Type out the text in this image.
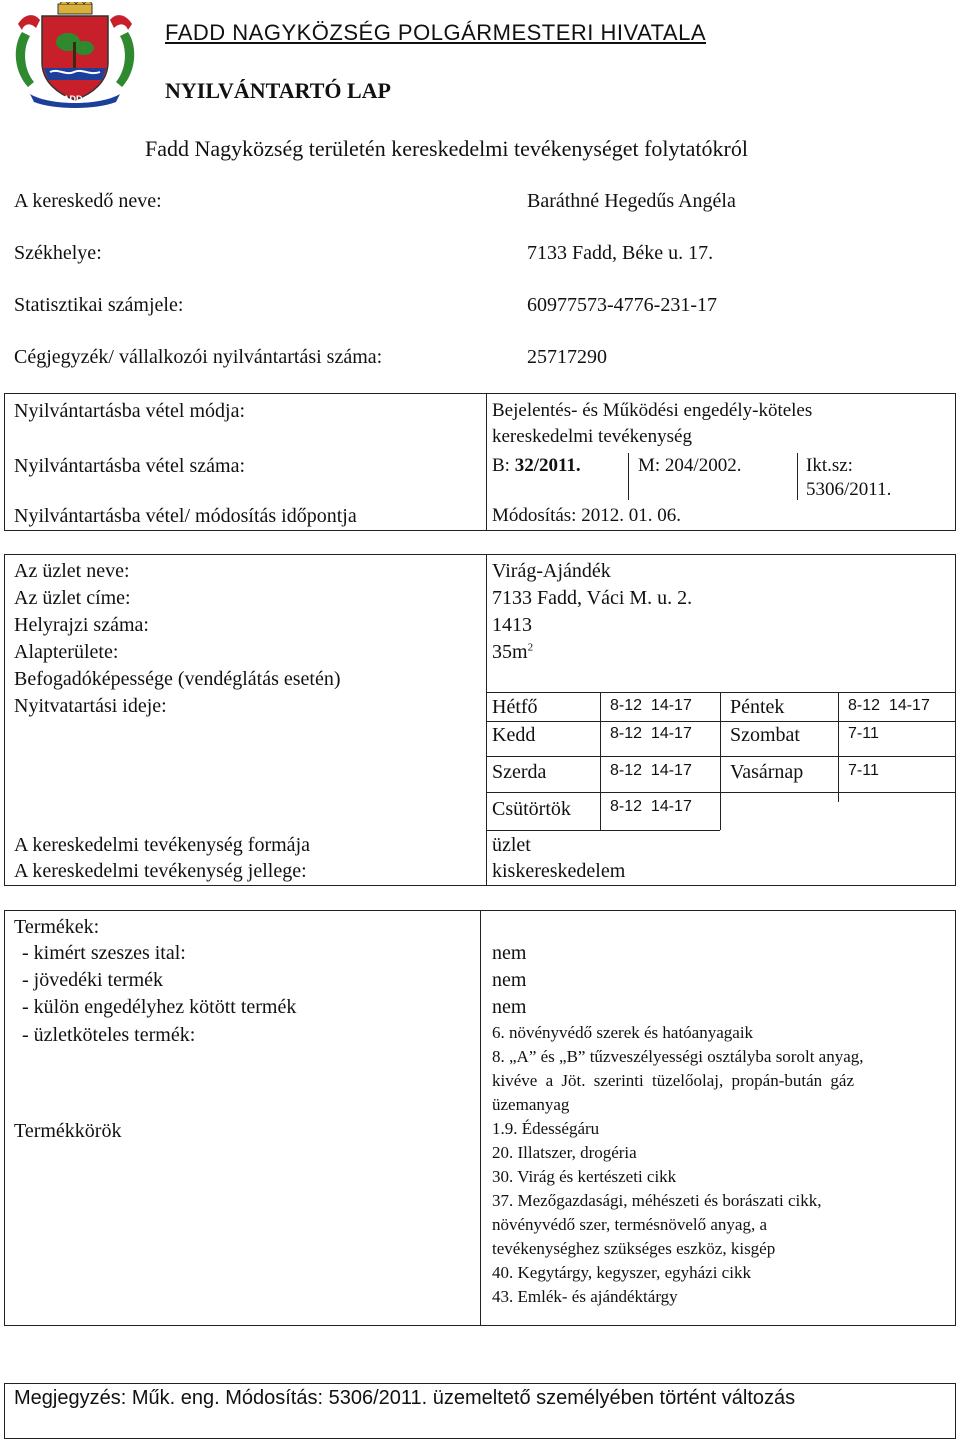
FADD
FADD NAGYKÖZSÉG POLGÁRMESTERI HIVATALA
NYILVÁNTARTÓ LAP
Fadd Nagyközség területén kereskedelmi tevékenységet folytatókról
A kereskedő neve:	Baráthné Hegedűs Angéla
Székhelye:	7133 Fadd, Béke u. 17.
Statisztikai számjele:	60977573-4776-231-17
Cégjegyzék/ vállalkozói nyilvántartási száma:	25717290
Nyilvántartásba vétel módja:	Bejelentés- és Működési engedély-köteles
kereskedelmi tevékenység
Nyilvántartásba vétel száma:	B: 32/2011.	M: 204/2002.	Ikt.sz:
5306/2011.
Nyilvántartásba vétel/ módosítás időpontja	Módosítás: 2012. 01. 06.
Az üzlet neve:	Virág-Ajándék
Az üzlet címe:	7133 Fadd, Váci M. u. 2.
Helyrajzi száma:	1413
Alapterülete:	$35m^2$
Befogadóképessége (vendéglátás esetén)
Nyitvatartási ideje:	Hétfő	8-12  14-17
Kedd	8-12  14-17
Szerda	8-12  14-17
Csütörtök 8-12  14-17
Péntek	8-12  14-17
Szombat	7-11
Vasárnap	7-11
A kereskedelmi tevékenység formája	üzlet
A kereskedelmi tevékenység jellege:	kiskereskedelem
Termékek:
- kimért szeszes ital:	nem
- jövedéki termék	nem
- külön engedélyhez kötött termék	nem
- üzletköteles termék:	6. növényvédő szerek és hatóanyagaik
8. „A” és „B” tűzveszélyességi osztályba sorolt anyag,
kivéve a Jöt. szerinti tüzelőolaj, propán-bután gáz
üzemanyag
Termékkörök	1.9. Édességáru
20. Illatszer, drogéria
30. Virág és kertészeti cikk
37. Mezőgazdasági, méhészeti és borászati cikk,
növényvédő szer, termésnövelő anyag, a
tevékenységhez szükséges eszköz, kisgép
40. Kegytárgy, kegyszer, egyházi cikk
43. Emlék- és ajándéktárgy
Megjegyzés: Műk. eng. Módosítás: 5306/2011. üzemeltető személyében történt változás
